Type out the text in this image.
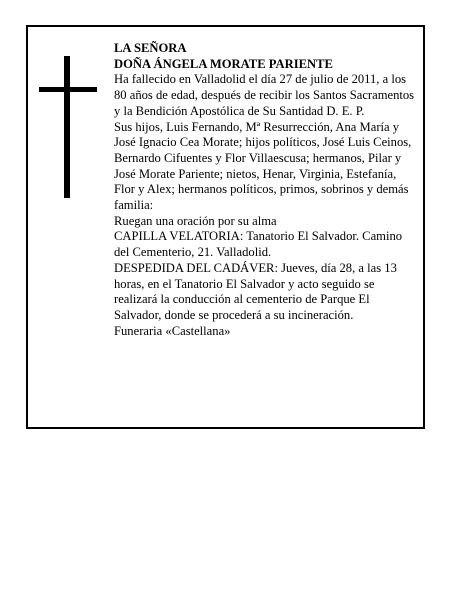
LA SEÑORA

DOÑA ÁNGELA MORATE PARIENTE

Ha fallecido en Valladolid el día 27 de julio de 2011, a los 80 años de edad, después de recibir los Santos Sacramentos y la Bendición Apostólica de Su Santidad D. E. P.

Sus hijos, Luis Fernando, Mª Resurrección, Ana María y José Ignacio Cea Morate; hijos políticos, José Luis Ceinos, Bernardo Cifuentes y Flor Villaescusa; hermanos, Pilar y José Morate Pariente; nietos, Henar, Virginia, Estefanía, Flor y Alex; hermanos políticos, primos, sobrinos y demás familia:

Ruegan una oración por su alma

CAPILLA VELATORIA: Tanatorio El Salvador. Camino del Cementerio, 21. Valladolid.

DESPEDIDA DEL CADÁVER: Jueves, día 28, a las 13 horas, en el Tanatorio El Salvador y acto seguido se realizará la conducción al cementerio de Parque El Salvador, donde se procederá a su incineración.

Funeraria «Castellana»
